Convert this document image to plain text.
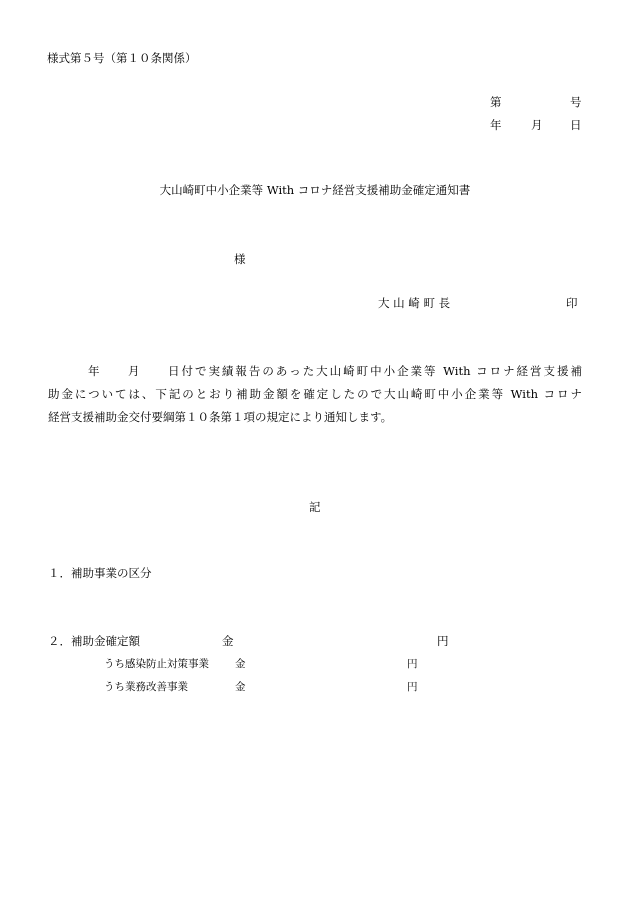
様式第５号（第１０条関係）
第	号
年	月 日
大山崎町中小企業等 With コロナ経営支援補助金確定通知書
様
大 山 崎 町 長	印
年 月 日付で実績報告のあった大山崎町中小企業等 With コロナ経営支援補
助金については、下記のとおり補助金額を確定したので大山崎町中小企業等 With コロナ
経営支援補助金交付要綱第１０条第１項の規定により通知します。
記
１．補助事業の区分
２．補助金確定額	金	円
うち感染防止対策事業 金	円
うち業務改善事業	金	円
